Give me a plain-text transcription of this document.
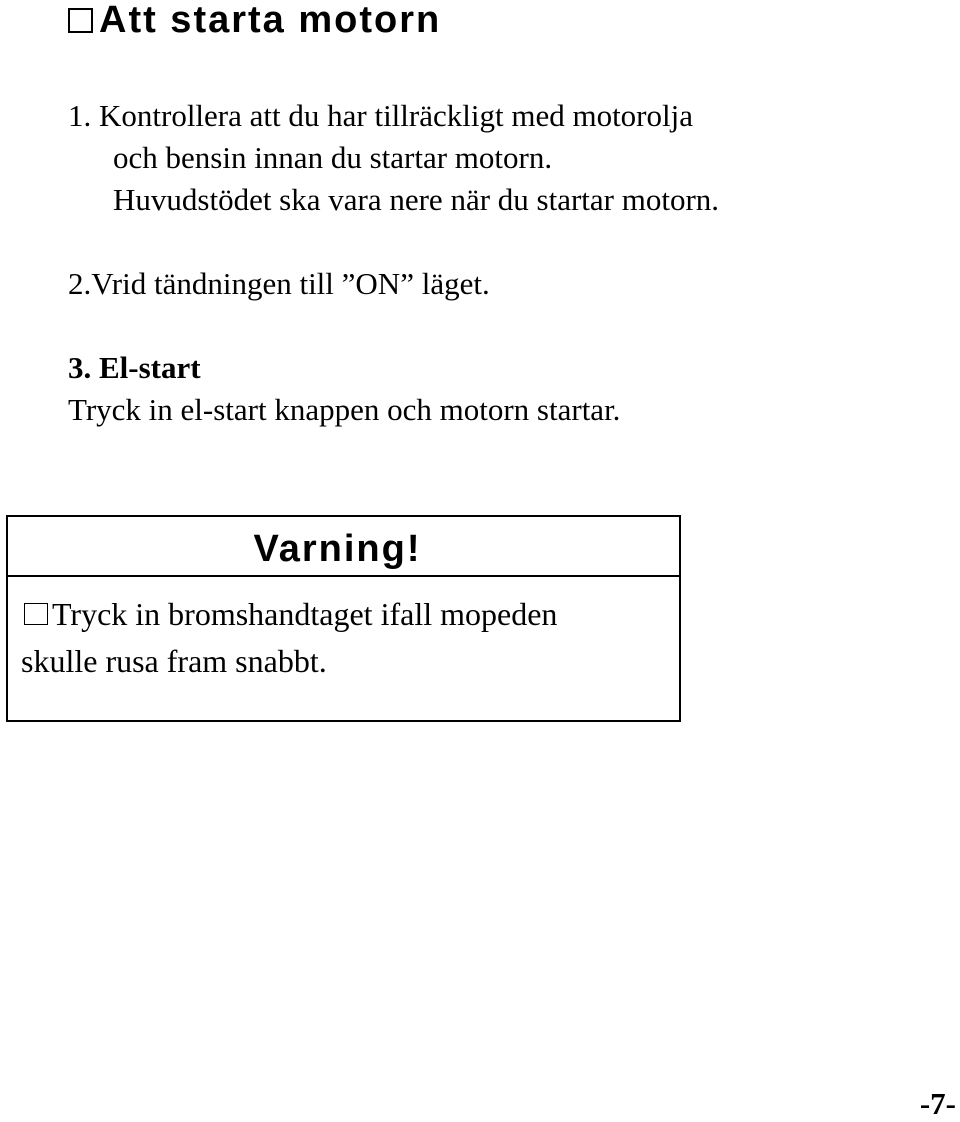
Att starta motorn
1. Kontrollera att du har tillräckligt med motorolja
och bensin innan du startar motorn.
Huvudstödet ska vara nere när du startar motorn.
2.Vrid tändningen till ”ON” läget.
3. El-start
Tryck in el-start knappen och motorn startar.
Varning!
Tryck in bromshandtaget ifall mopeden
skulle rusa fram snabbt.
-7-
